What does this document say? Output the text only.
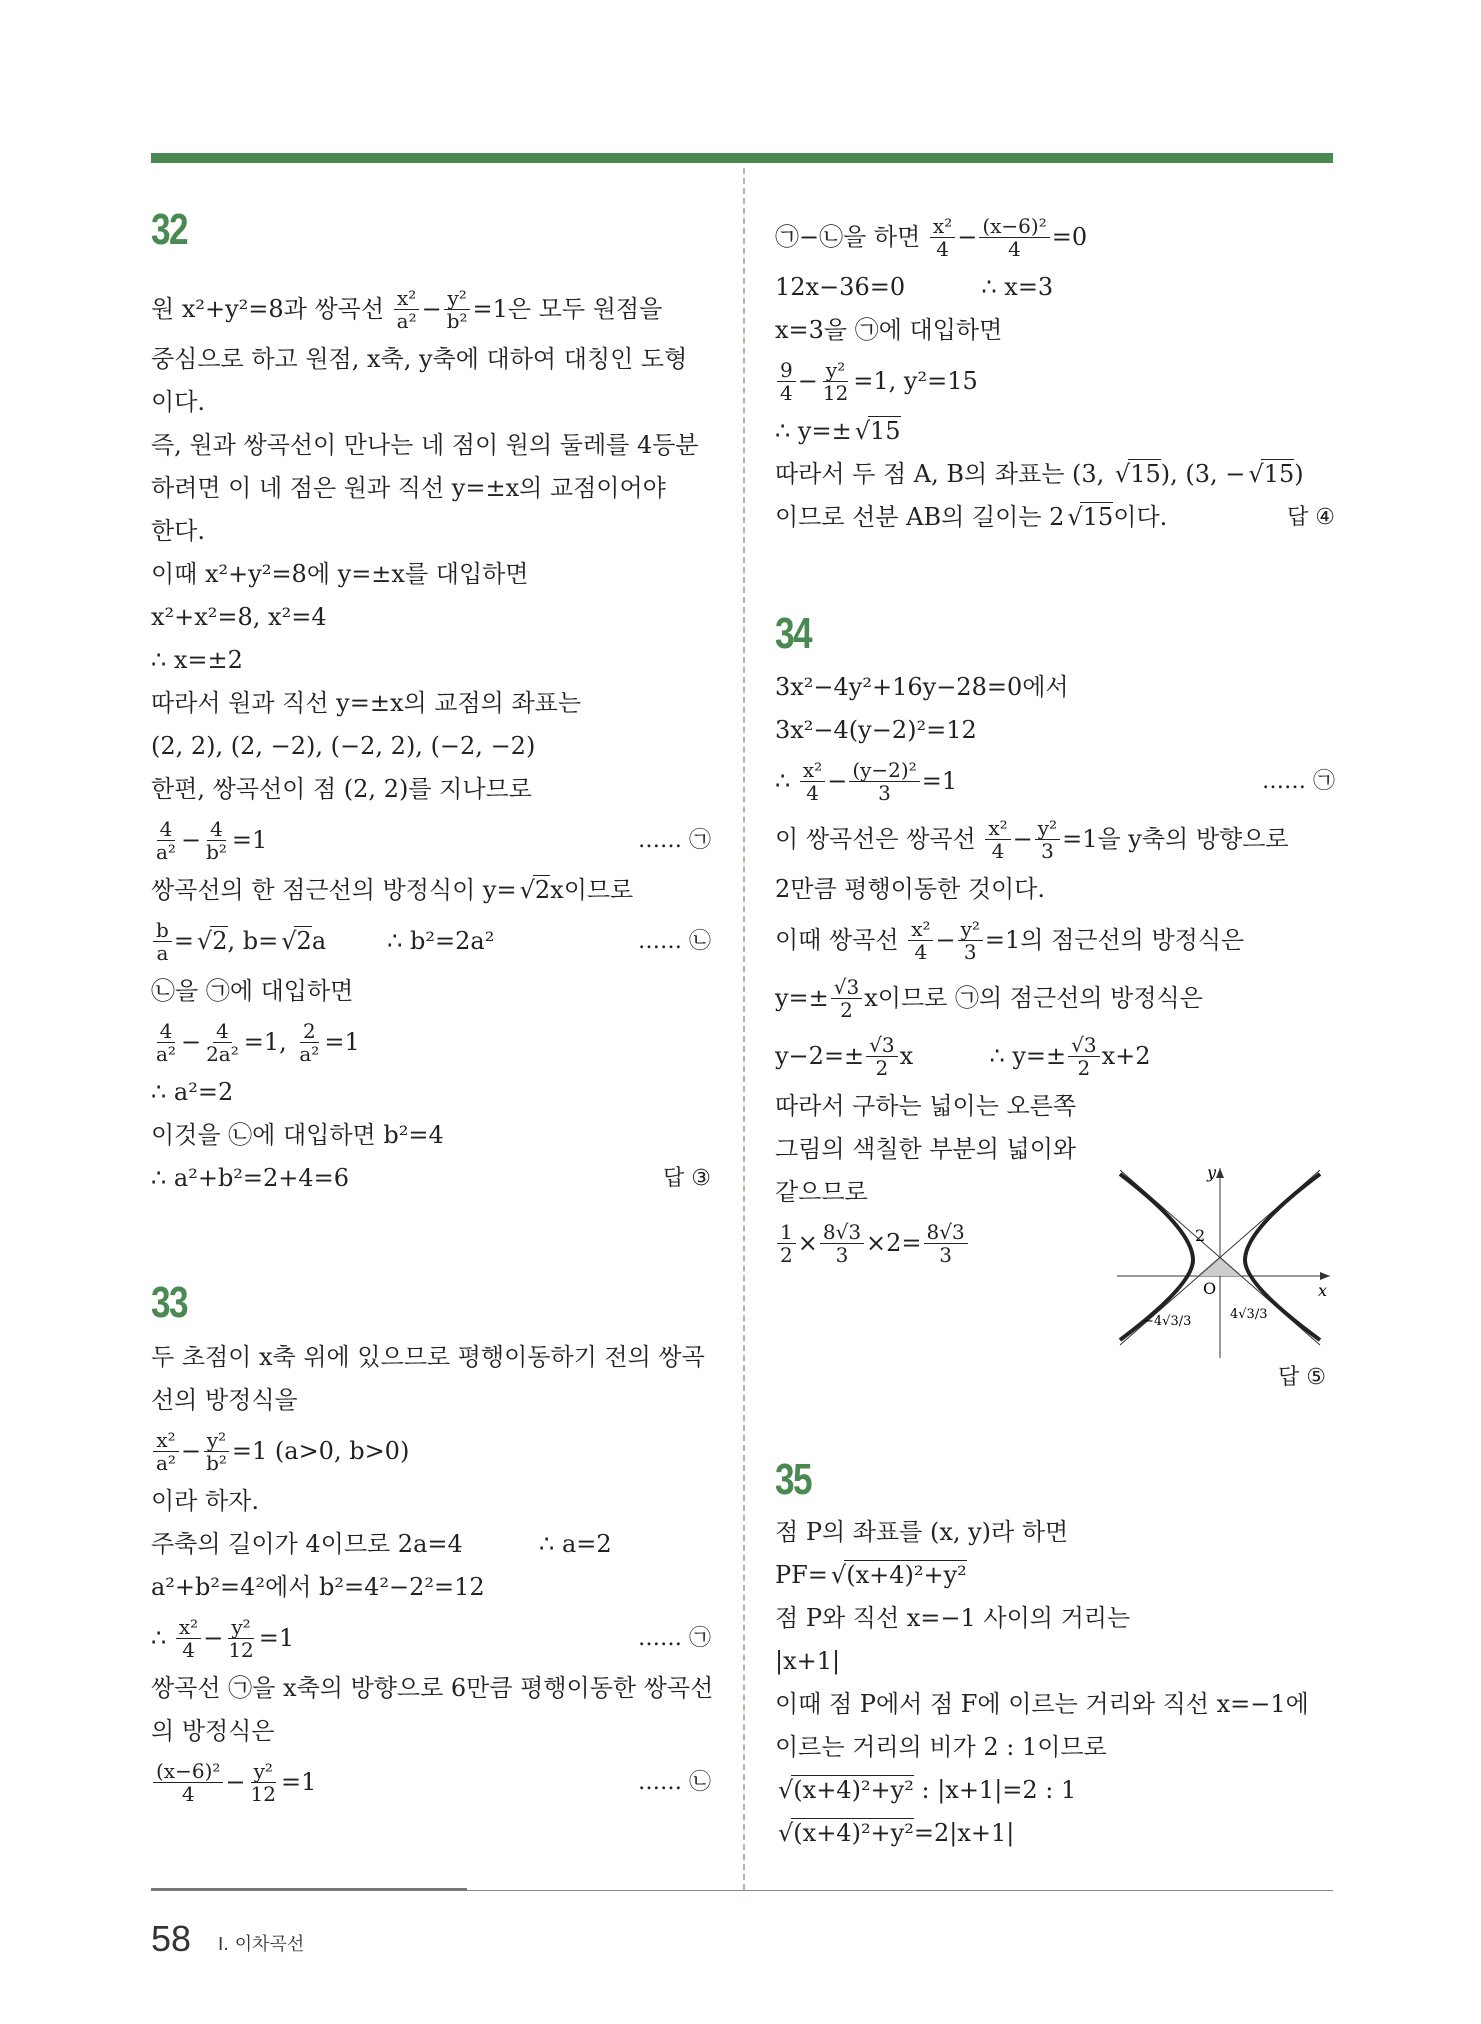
32
원 x²+y²=8과 쌍곡선 $\frac{\text{x²}}{\text{a²}} - \frac{\text{y²}}{\text{b²}} =1$은 모두 원점을
중심으로 하고 원점, x축, y축에 대하여 대칭인 도형
이다.
즉, 원과 쌍곡선이 만나는 네 점이 원의 둘레를 4등분
하려면 이 네 점은 원과 직선 y=±x의 교점이어야
한다.
이때 x²+y²=8에 y=±x를 대입하면
x²+x²=8, x²=4
∴ x=±2
따라서 원과 직선 y=±x의 교점의 좌표는
(2, 2), (2, −2), (−2, 2), (−2, −2)
한편, 쌍곡선이 점 (2, 2)를 지나므로
$\frac{4}{\text{a²}} - \frac{4}{\text{b²}} =1$	…… ㉠
쌍곡선의 한 점근선의 방정식이 y= √ 2 x이므로
$\frac{b}{a}$ = √ 2 , b= √ 2 a        ∴ b²=2a²	…… ㉡
㉡을 ㉠에 대입하면
$\frac{4}{\text{a²}} - \frac{4}{\text{2a²}} =1$, $\frac{2}{\text{a²}} =1$
∴ a²=2
이것을 ㉡에 대입하면 b²=4
∴ a²+b²=2+4=6	답 ③
33
두 초점이 x축 위에 있으므로 평행이동하기 전의 쌍곡
선의 방정식을
$\frac{\text{x²}}{\text{a²}} - \frac{\text{y²}}{\text{b²}} =1$ (a>0, b>0)
이라 하자.
주축의 길이가 4이므로 2a=4          ∴ a=2
a²+b²=4²에서 b²=4²−2²=12
∴ $\frac{\text{x²}}{4} - \frac{\text{y²}}{12} =1$	…… ㉠
쌍곡선 ㉠을 x축의 방향으로 6만큼 평행이동한 쌍곡선
의 방정식은
$\frac{\text{(x−6)²}}{4} - \frac{\text{y²}}{12} =1$	…… ㉡
㉠−㉡을 하면 $\frac{\text{x²}}{4} - \frac{\text{(x−6)²}}{4} =0$
12x−36=0          ∴ x=3
x=3을 ㉠에 대입하면
$\frac{9}{4} - \frac{\text{y²}}{12} =1$, y²=15
∴ y=± √ 15
따라서 두 점 A, B의 좌표는 (3, √ 15 ), (3, − √ 15 )
이므로 선분 AB의 길이는 2 √ 15 이다.	답 ④
34
3x²−4y²+16y−28=0에서
3x²−4(y−2)²=12
∴ $\frac{\text{x²}}{4} - \frac{\text{(y−2)²}}{3} =1$	…… ㉠
이 쌍곡선은 쌍곡선 $\frac{\text{x²}}{4} - \frac{\text{y²}}{3} =1$을 y축의 방향으로
2만큼 평행이동한 것이다.
이때 쌍곡선 $\frac{\text{x²}}{4} - \frac{\text{y²}}{3} =1$의 점근선의 방정식은
$y=\pm \frac{√3}{2}$ x이므로 ㉠의 점근선의 방정식은
$y-2=\pm \frac{√3}{2}$ x          ∴ $y=\pm \frac{√3}{2} x+2$
따라서 구하는 넓이는 오른쪽
그림의 색칠한 부분의 넓이와
같으므로
$\frac{1}{2} \times \frac{8√3}{3} \times 2= \frac{8√3}{3}$
y
x
O
2
−4√3/3	4√3/3
답 ⑤
35
점 P의 좌표를 (x, y)라 하면
PF= √ (x+4)²+y²
점 P와 직선 x=−1 사이의 거리는
|x+1|
이때 점 P에서 점 F에 이르는 거리와 직선 x=−1에
이르는 거리의 비가 2 : 1이므로
√ (x+4)²+y² : |x+1|=2 : 1
√ (x+4)²+y² =2|x+1|
58 Ⅰ. 이차곡선
